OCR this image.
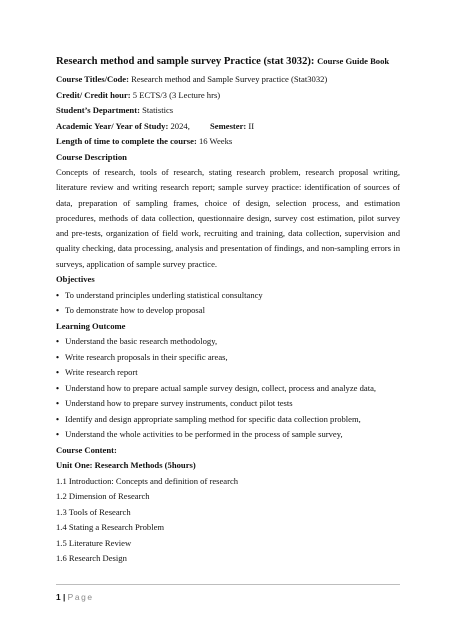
Research method and sample survey Practice (stat 3032): Course Guide Book

Course Titles/Code: Research method and Sample Survey practice (Stat3032)

Credit/ Credit hour: 5 ECTS/3 (3 Lecture hrs)

Student’s Department: Statistics

Academic Year/ Year of Study: 2024, Semester: II

Length of time to complete the course: 16 Weeks

Course Description

Concepts of research, tools of research, stating research problem, research proposal writing, literature review and writing research report; sample survey practice: identification of sources of data, preparation of sampling frames, choice of design, selection process, and estimation procedures, methods of data collection, questionnaire design, survey cost estimation, pilot survey and pre-tests, organization of field work, recruiting and training, data collection, supervision and quality checking, data processing, analysis and presentation of findings, and non-sampling errors in surveys, application of sample survey practice.

Objectives

• To understand principles underling statistical consultancy

• To demonstrate how to develop proposal

Learning Outcome

• Understand the basic research methodology,

• Write research proposals in their specific areas,

• Write research report

• Understand how to prepare actual sample survey design, collect, process and analyze data,

• Understand how to prepare survey instruments, conduct pilot tests

• Identify and design appropriate sampling method for specific data collection problem,

• Understand the whole activities to be performed in the process of sample survey,

Course Content:

Unit One: Research Methods (5hours)

1.1 Introduction: Concepts and definition of research

1.2 Dimension of Research

1.3 Tools of Research

1.4 Stating a Research Problem

1.5 Literature Review

1.6 Research Design

1 | Page
